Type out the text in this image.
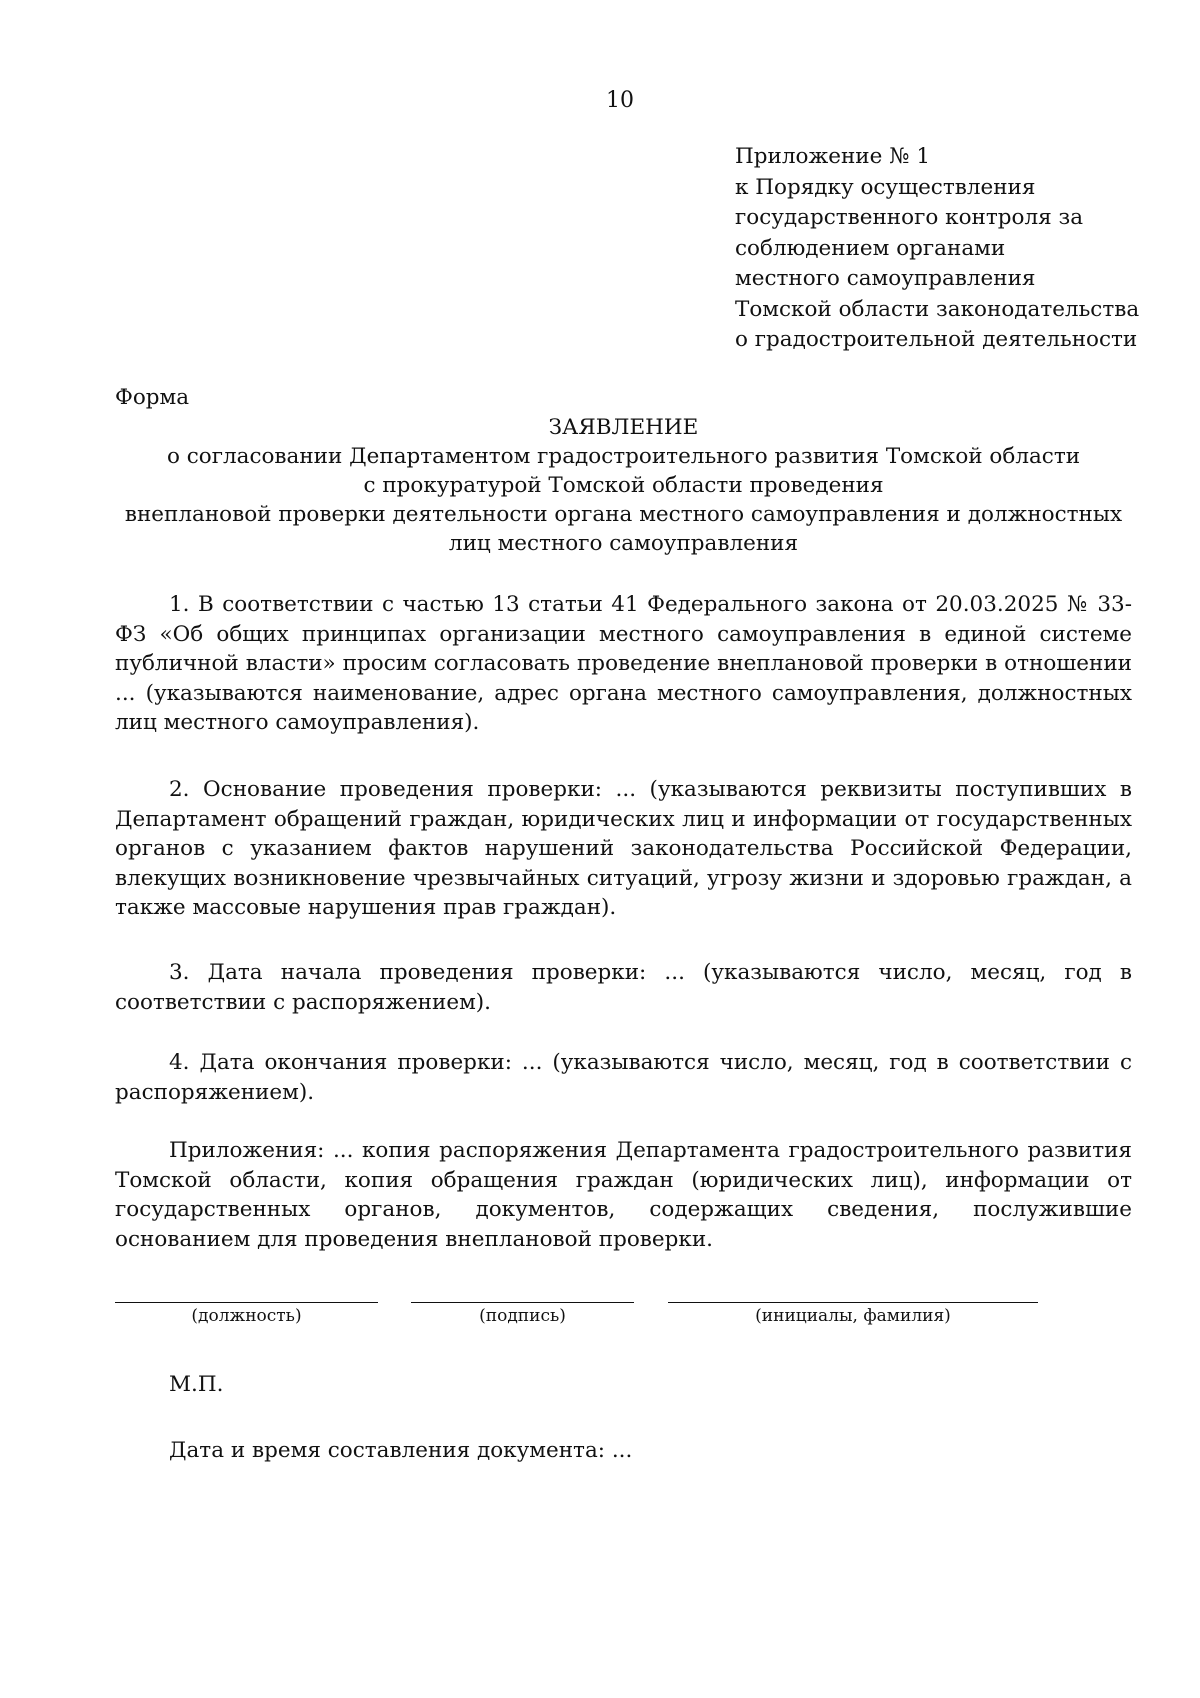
10
Приложение № 1
к Порядку осуществления
государственного контроля за
соблюдением органами
местного самоуправления
Томской области законодательства
о градостроительной деятельности
Форма
ЗАЯВЛЕНИЕ
о согласовании Департаментом градостроительного развития Томской области
с прокуратурой Томской области проведения
внеплановой проверки деятельности органа местного самоуправления и должностных
лиц местного самоуправления

1. В соответствии с частью 13 статьи 41 Федерального закона от 20.03.2025 № 33-ФЗ «Об общих принципах организации местного самоуправления в единой системе публичной власти» просим согласовать проведение внеплановой проверки в отношении ... (указываются наименование, адрес органа местного самоуправления, должностных лиц местного самоуправления).

2. Основание проведения проверки: ... (указываются реквизиты поступивших в Департамент обращений граждан, юридических лиц и информации от государственных органов с указанием фактов нарушений законодательства Российской Федерации, влекущих возникновение чрезвычайных ситуаций, угрозу жизни и здоровью граждан, а также массовые нарушения прав граждан).

3. Дата начала проведения проверки: ... (указываются число, месяц, год в соответствии с распоряжением).

4. Дата окончания проверки: ... (указываются число, месяц, год в соответствии с распоряжением).

Приложения: ... копия распоряжения Департамента градостроительного развития Томской области, копия обращения граждан (юридических лиц), информации от государственных органов, документов, содержащих сведения, послужившие основанием для проведения внеплановой проверки.

(должность)	(подпись)	(инициалы, фамилия)
М.П.
Дата и время составления документа: ...
